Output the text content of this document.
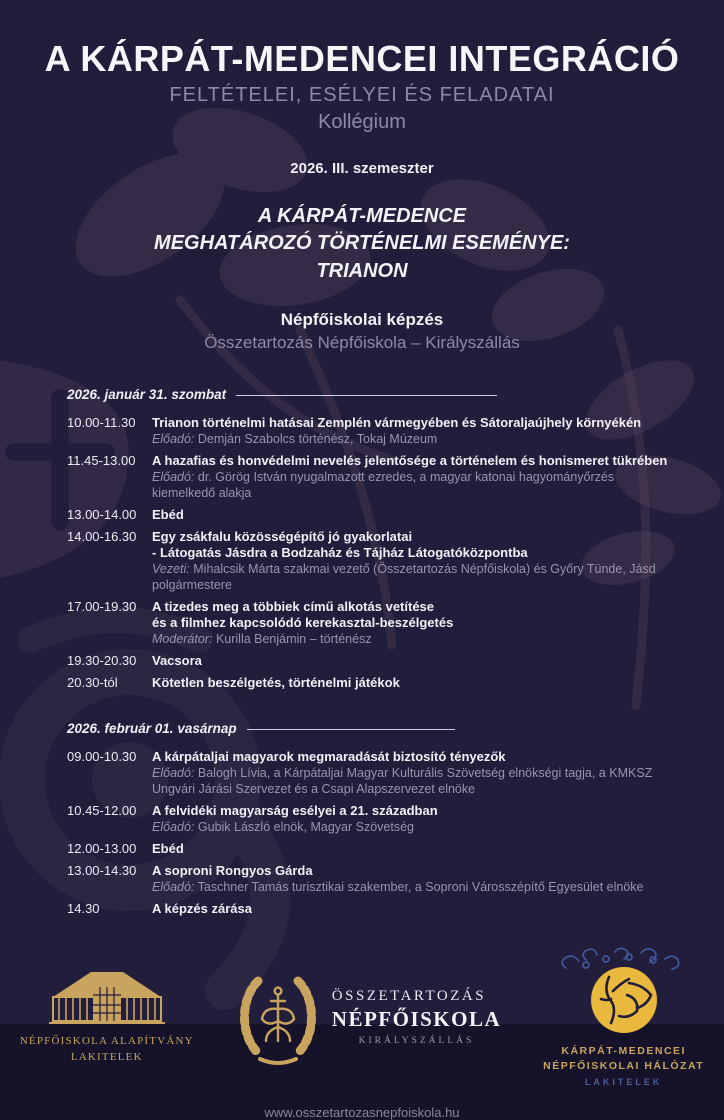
A KÁRPÁT-MEDENCEI INTEGRÁCIÓ
FELTÉTELEI, ESÉLYEI ÉS FELADATAI
Kollégium
2026. III. szemeszter
A KÁRPÁT-MEDENCE
MEGHATÁROZÓ TÖRTÉNELMI ESEMÉNYE:
TRIANON
Népfőiskolai képzés
Összetartozás Népfőiskola – Királyszállás
2026. január 31. szombat
10.00-11.30	Trianon történelmi hatásai Zemplén vármegyében és Sátoraljaújhely környékén
Előadó: Demján Szabolcs történész, Tokaj Múzeum
11.45-13.00	A hazafias és honvédelmi nevelés jelentősége a történelem és honismeret tükrében
Előadó: dr. Görög István nyugalmazott ezredes, a magyar katonai hagyományőrzés kiemelkedő alakja
13.00-14.00	Ebéd
14.00-16.30	Egy zsákfalu közösségépítő jó gyakorlatai
- Látogatás Jásdra a Bodzaház és Tájház Látogatóközpontba
Vezeti: Mihalcsik Márta szakmai vezető (Összetartozás Népfőiskola) és Győry Tünde, Jásd polgármestere
17.00-19.30	A tizedes meg a többiek című alkotás vetítése
és a filmhez kapcsolódó kerekasztal-beszélgetés
Moderátor: Kurilla Benjámin – történész
19.30-20.30	Vacsora
20.30-tól	Kötetlen beszélgetés, történelmi játékok
2026. február 01. vasárnap
09.00-10.30	A kárpátaljai magyarok megmaradását biztosító tényezők
Előadó: Balogh Lívia, a Kárpátaljai Magyar Kulturális Szövetség elnökségi tagja, a KMKSZ Ungvári Járási Szervezet és a Csapi Alapszervezet elnöke
10.45-12.00	A felvidéki magyarság esélyei a 21. században
Előadó: Gubik László elnök, Magyar Szövetség
12.00-13.00	Ebéd
13.00-14.30	A soproni Rongyos Gárda
Előadó: Taschner Tamás turisztikai szakember, a Soproni Városszépítő Egyesület elnöke
14.30	A képzés zárása
NÉPFŐISKOLA ALAPÍTVÁNY
LAKITELEK
ÖSSZETARTOZÁS
NÉPFŐISKOLA
KIRÁLYSZÁLLÁS
KÁRPÁT-MEDENCEI
NÉPFŐISKOLAI HÁLÓZAT
LAKITELEK
www.osszetartozasnepfoiskola.hu
